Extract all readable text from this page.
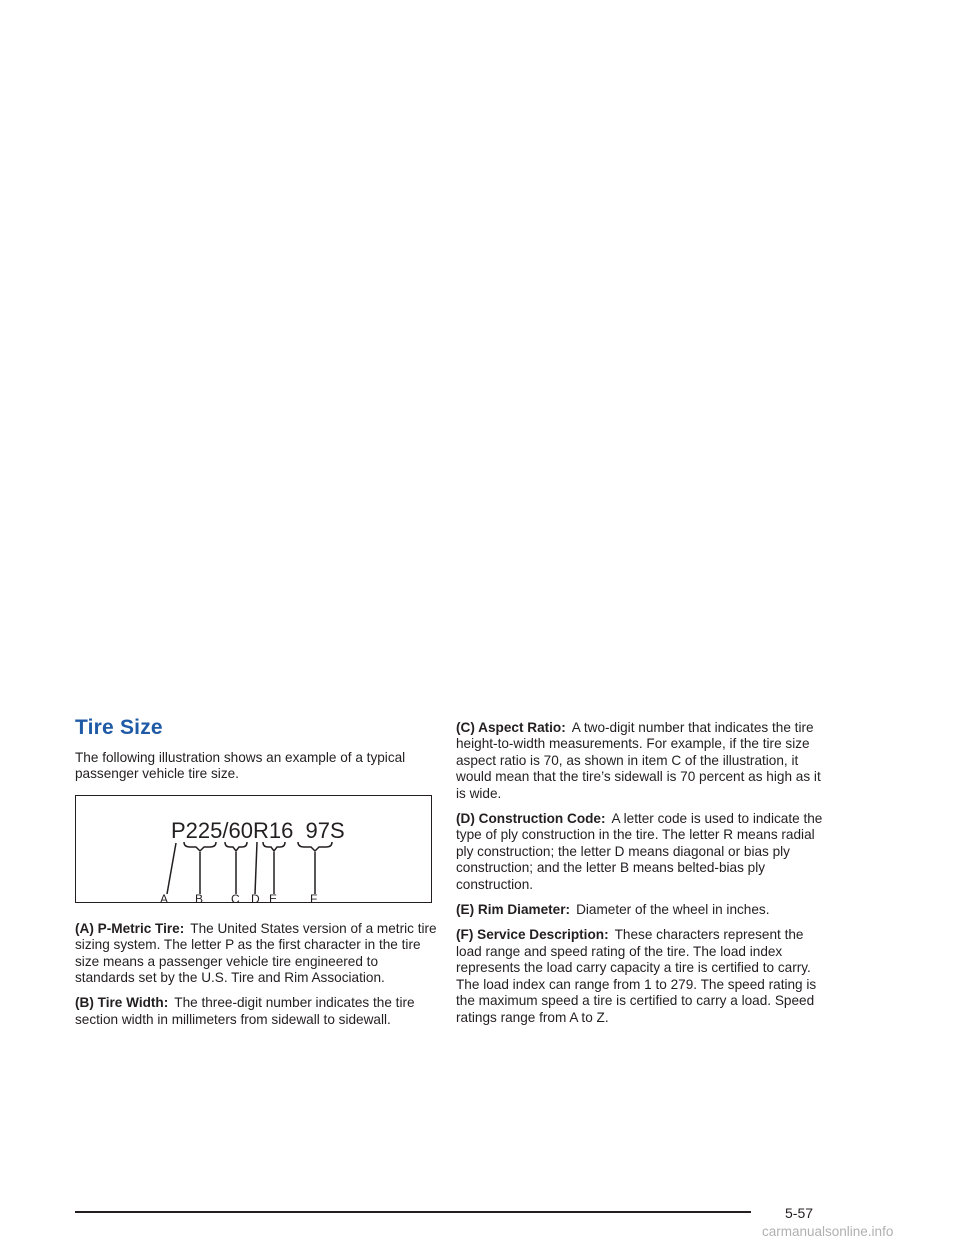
Tire Size

The following illustration shows an example of a typical passenger vehicle tire size.

P225/60R16  97S
A B C D E	F

(A) P-Metric Tire: The United States version of a metric tire sizing system. The letter P as the first character in the tire size means a passenger vehicle tire engineered to standards set by the U.S. Tire and Rim Association.

(B) Tire Width: The three-digit number indicates the tire section width in millimeters from sidewall to sidewall.

(C) Aspect Ratio: A two-digit number that indicates the tire height-to-width measurements. For example, if the tire size aspect ratio is 70, as shown in item C of the illustration, it would mean that the tire’s sidewall is 70 percent as high as it is wide.

(D) Construction Code: A letter code is used to indicate the type of ply construction in the tire. The letter R means radial ply construction; the letter D means diagonal or bias ply construction; and the letter B means belted-bias ply construction.

(E) Rim Diameter: Diameter of the wheel in inches.

(F) Service Description: These characters represent the load range and speed rating of the tire. The load index represents the load carry capacity a tire is certified to carry. The load index can range from 1 to 279. The speed rating is the maximum speed a tire is certified to carry a load. Speed ratings range from A to Z.

5-57
carmanualsonline.info
